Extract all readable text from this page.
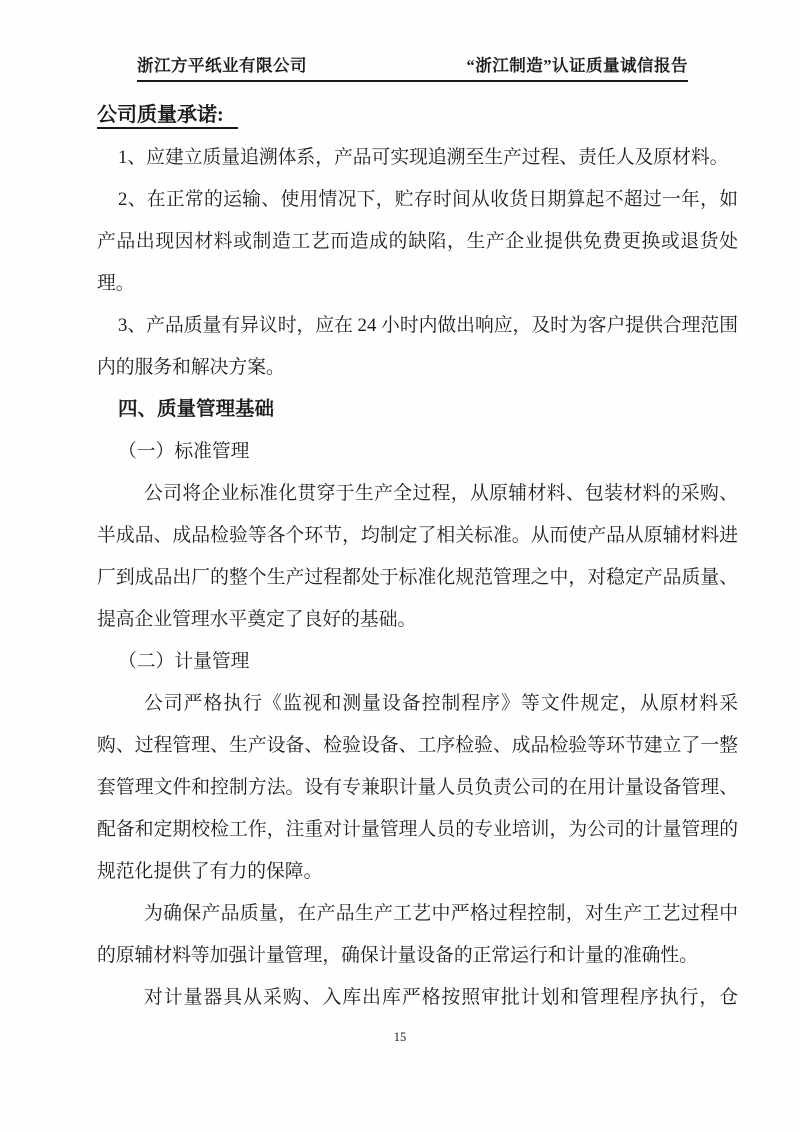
浙江方平纸业有限公司	“浙江制造”认证质量诚信报告

公司质量承诺:

1、应建立质量追溯体系，产品可实现追溯至生产过程、责任人及原材料。

2、在正常的运输、使用情况下，贮存时间从收货日期算起不超过一年，如产品出现因材料或制造工艺而造成的缺陷，生产企业提供免费更换或退货处理。

3、产品质量有异议时，应在 24 小时内做出响应，及时为客户提供合理范围内的服务和解决方案。

四、质量管理基础

（一）标准管理

公司将企业标准化贯穿于生产全过程，从原辅材料、包装材料的采购、半成品、成品检验等各个环节，均制定了相关标准。从而使产品从原辅材料进厂到成品出厂的整个生产过程都处于标准化规范管理之中，对稳定产品质量、提高企业管理水平奠定了良好的基础。

（二）计量管理

公司严格执行《监视和测量设备控制程序》等文件规定，从原材料采购、过程管理、生产设备、检验设备、工序检验、成品检验等环节建立了一整套管理文件和控制方法。设有专兼职计量人员负责公司的在用计量设备管理、配备和定期校检工作，注重对计量管理人员的专业培训，为公司的计量管理的规范化提供了有力的保障。

为确保产品质量，在产品生产工艺中严格过程控制，对生产工艺过程中的原辅材料等加强计量管理，确保计量设备的正常运行和计量的准确性。

对计量器具从采购、入库出库严格按照审批计划和管理程序执行，仓

15
